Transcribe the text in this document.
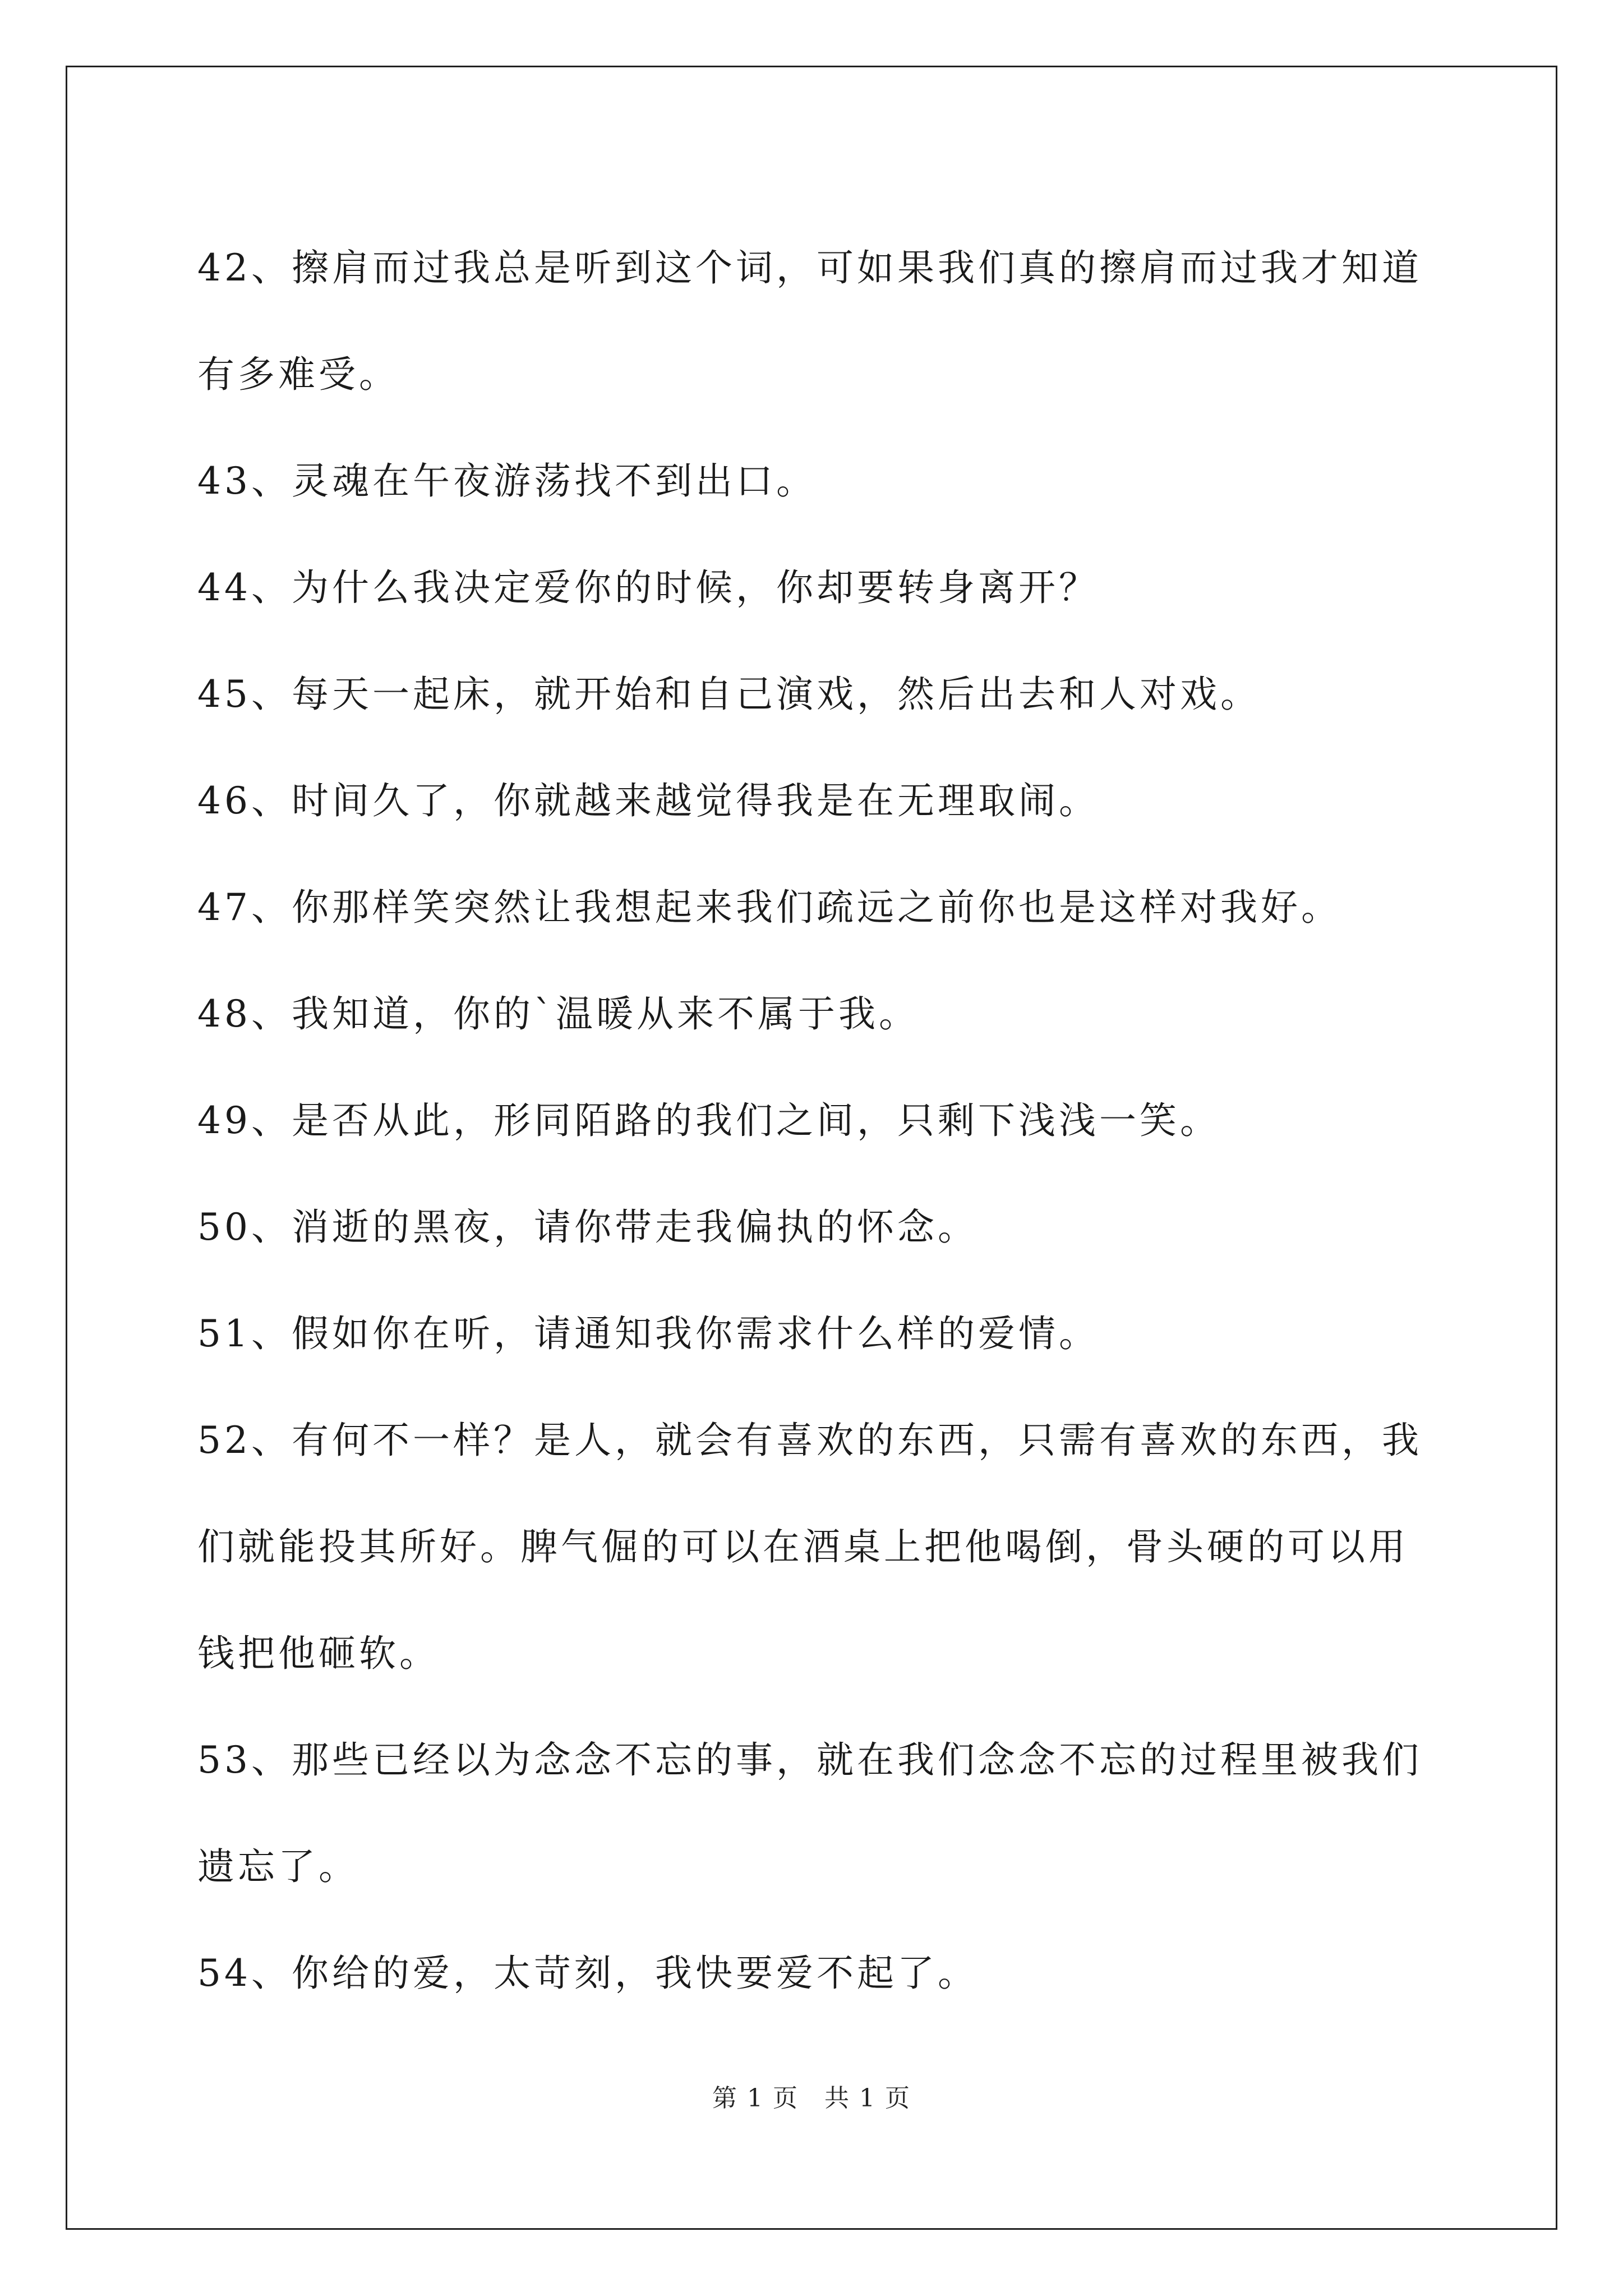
42、擦肩而过我总是听到这个词，可如果我们真的擦肩而过我才知道有多难受。

43、灵魂在午夜游荡找不到出口。

44、为什么我决定爱你的时候，你却要转身离开？

45、每天一起床，就开始和自己演戏，然后出去和人对戏。

46、时间久了，你就越来越觉得我是在无理取闹。

47、你那样笑突然让我想起来我们疏远之前你也是这样对我好。

48、我知道，你的`温暖从来不属于我。

49、是否从此，形同陌路的我们之间，只剩下浅浅一笑。

50、消逝的黑夜，请你带走我偏执的怀念。

51、假如你在听，请通知我你需求什么样的爱情。

52、有何不一样？是人，就会有喜欢的东西，只需有喜欢的东西，我们就能投其所好。脾气倔的可以在酒桌上把他喝倒，骨头硬的可以用钱把他砸软。

53、那些已经以为念念不忘的事，就在我们念念不忘的过程里被我们遗忘了。

54、你给的爱，太苛刻，我快要爱不起了。

第 1 页　共 1 页
